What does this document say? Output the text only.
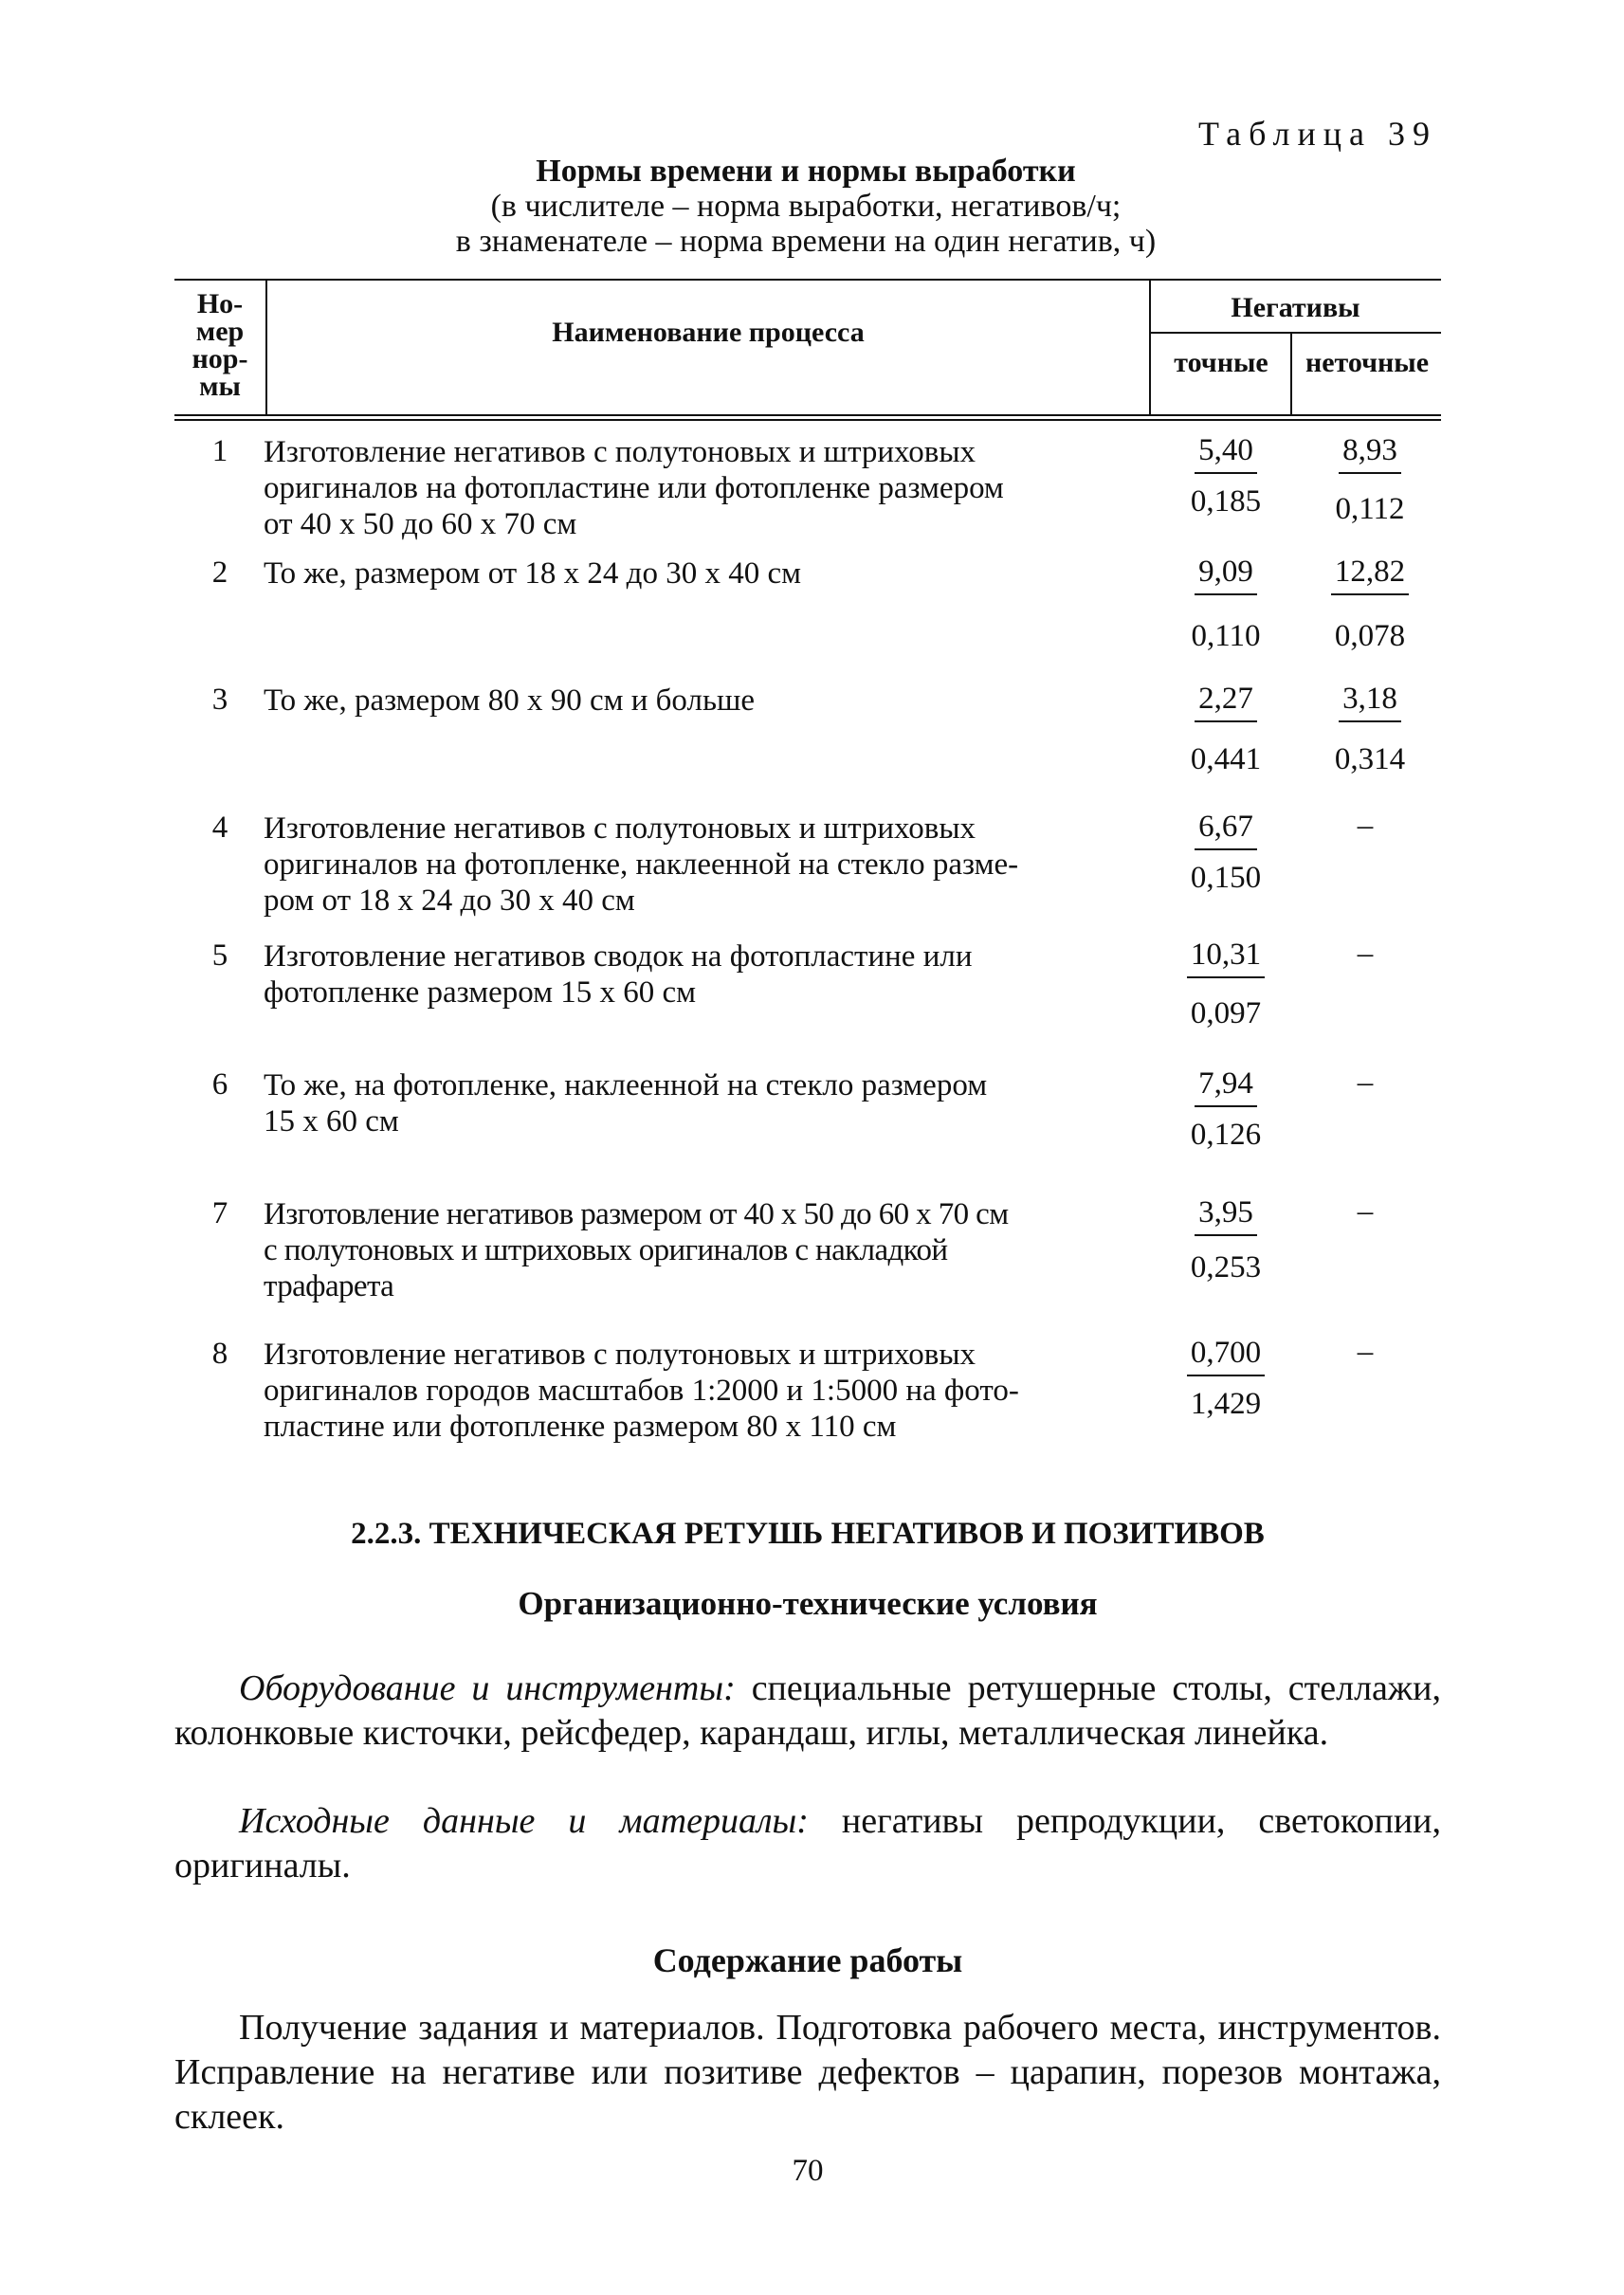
Таблица 39
Нормы времени и нормы выработки
(в числителе – норма выработки, негативов/ч;
в знаменателе – норма времени на один негатив, ч)
Но-
мер
нор-
мы
Наименование процесса
Негативы
точные	неточные
1	Изготовление негативов с полутоновых и штриховых
оригиналов на фотопластине или фотопленке размером
от 40 х 50 до 60 х 70 см
$\frac{5,40}{0,185} \frac{8,93}{0,112}$
2	То же, размером от 18 х 24 до 30 х 40 см	$\frac{9,09}{0,110} \frac{12,82}{0,078}$
3	То же, размером 80 х 90 см и больше	$\frac{2,27}{0,441} \frac{3,18}{0,314}$
4	Изготовление негативов с полутоновых и штриховых
оригиналов на фотопленке, наклеенной на стекло разме-
ром от 18 х 24 до 30 х 40 см
$\frac{6,67}{0,150}$	–
5	Изготовление негативов сводок на фотопластине или
фотопленке размером 15 х 60 см	$\frac{10,31}{0,097}$	–
6	То же, на фотопленке, наклеенной на стекло размером
15 х 60 см	$\frac{7,94}{0,126}$	–
7	Изготовление негативов размером от 40 х 50 до 60 х 70 см
с полутоновых и штриховых оригиналов с накладкой
трафарета
$\frac{3,95}{0,253}$	–
8	Изготовление негативов с полутоновых и штриховых
оригиналов городов масштабов 1:2000 и 1:5000 на фото-
пластине или фотопленке размером 80 х 110 см
$\frac{0,700}{1,429}$	–
2.2.3. ТЕХНИЧЕСКАЯ РЕТУШЬ НЕГАТИВОВ И ПОЗИТИВОВ
Организационно-технические условия
Оборудование и инструменты: специальные ретушерные столы, стеллажи, колонковые кисточки, рейсфедер, карандаш, иглы, металлическая линейка.
Исходные данные и материалы: негативы репродукции, светокопии, оригиналы.
Содержание работы
Получение задания и материалов. Подготовка рабочего места, инструментов. Исправление на негативе или позитиве дефектов – царапин, порезов монтажа, склеек.
70
